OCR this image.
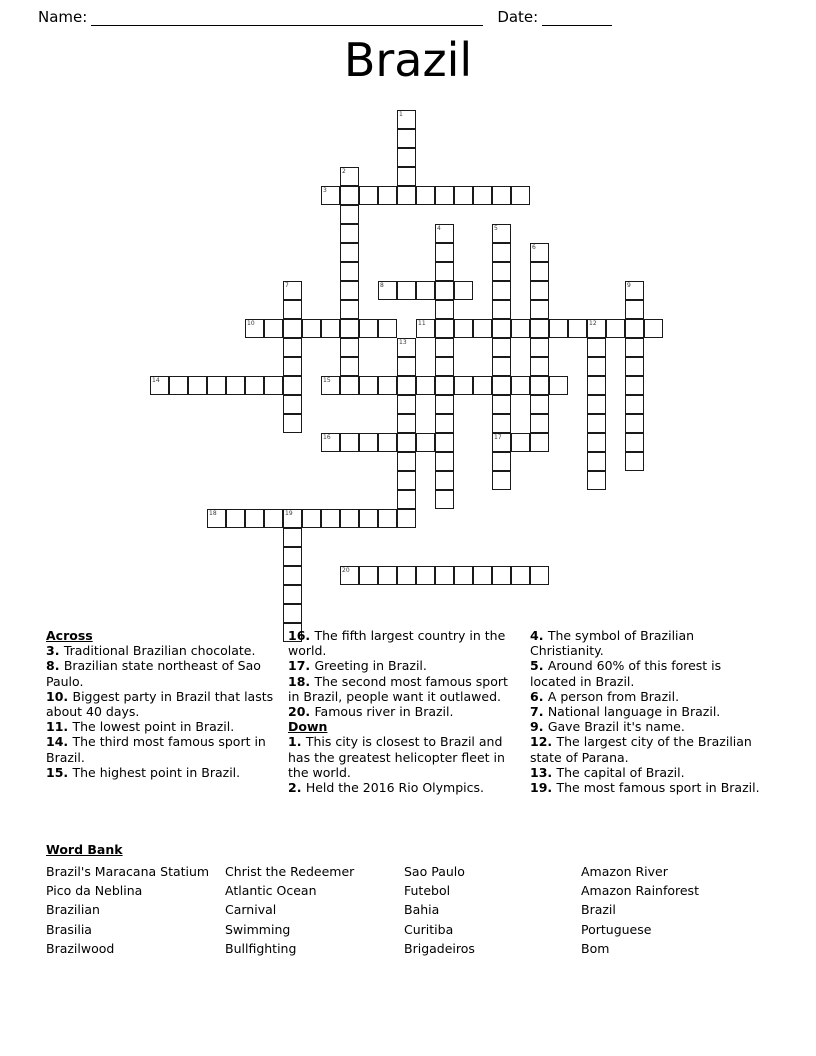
Name:	Date:
Brazil
1
2
3
4	5
17
6
7	8	9
10	11	12
13
14	15
16
18	19
20
Across
3. Traditional Brazilian chocolate.
8. Brazilian state northeast of Sao Paulo.
10. Biggest party in Brazil that lasts about 40 days.
11. The lowest point in Brazil.
14. The third most famous sport in Brazil.
15. The highest point in Brazil.
16. The fifth largest country in the world.
17. Greeting in Brazil.
18. The second most famous sport in Brazil, people want it outlawed.
20. Famous river in Brazil.
Down
1. This city is closest to Brazil and has the greatest helicopter fleet in the world.
2. Held the 2016 Rio Olympics.
4. The symbol of Brazilian Christianity.
5. Around 60% of this forest is located in Brazil.
6. A person from Brazil.
7. National language in Brazil.
9. Gave Brazil it's name.
12. The largest city of the Brazilian state of Parana.
13. The capital of Brazil.
19. The most famous sport in Brazil.
Word Bank
Brazil's Maracana Statium	Christ the Redeemer	Sao Paulo	Amazon River
Pico da Neblina	Atlantic Ocean	Futebol	Amazon Rainforest
Brazilian	Carnival	Bahia	Brazil
Brasilia	Swimming	Curitiba	Portuguese
Brazilwood	Bullfighting	Brigadeiros	Bom
